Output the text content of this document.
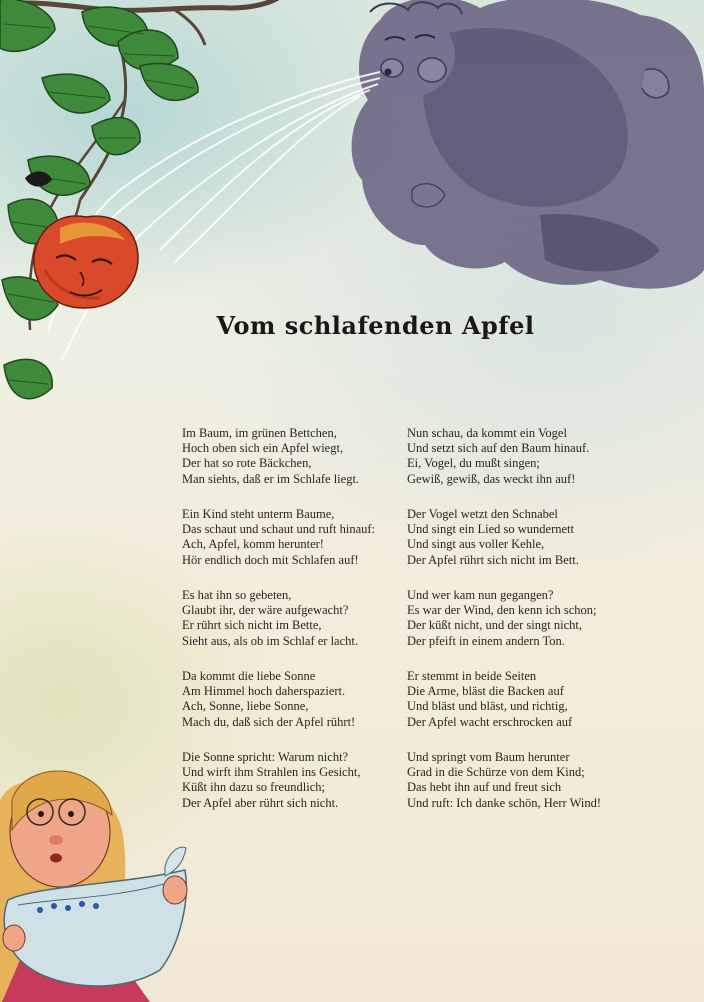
Vom schlafenden Apfel
Im Baum, im grünen Bettchen,
Hoch oben sich ein Apfel wiegt,
Der hat so rote Bäckchen,
Man siehts, daß er im Schlafe liegt.
Ein Kind steht unterm Baume,
Das schaut und schaut und ruft hinauf:
Ach, Apfel, komm herunter!
Hör endlich doch mit Schlafen auf!
Es hat ihn so gebeten,
Glaubt ihr, der wäre aufgewacht?
Er rührt sich nicht im Bette,
Sieht aus, als ob im Schlaf er lacht.
Da kommt die liebe Sonne
Am Himmel hoch daherspaziert.
Ach, Sonne, liebe Sonne,
Mach du, daß sich der Apfel rührt!
Die Sonne spricht: Warum nicht?
Und wirft ihm Strahlen ins Gesicht,
Küßt ihn dazu so freundlich;
Der Apfel aber rührt sich nicht.
Nun schau, da kommt ein Vogel
Und setzt sich auf den Baum hinauf.
Ei, Vogel, du mußt singen;
Gewiß, gewiß, das weckt ihn auf!
Der Vogel wetzt den Schnabel
Und singt ein Lied so wundernett
Und singt aus voller Kehle,
Der Apfel rührt sich nicht im Bett.
Und wer kam nun gegangen?
Es war der Wind, den kenn ich schon;
Der küßt nicht, und der singt nicht,
Der pfeift in einem andern Ton.
Er stemmt in beide Seiten
Die Arme, bläst die Backen auf
Und bläst und bläst, und richtig,
Der Apfel wacht erschrocken auf
Und springt vom Baum herunter
Grad in die Schürze von dem Kind;
Das hebt ihn auf und freut sich
Und ruft: Ich danke schön, Herr Wind!
